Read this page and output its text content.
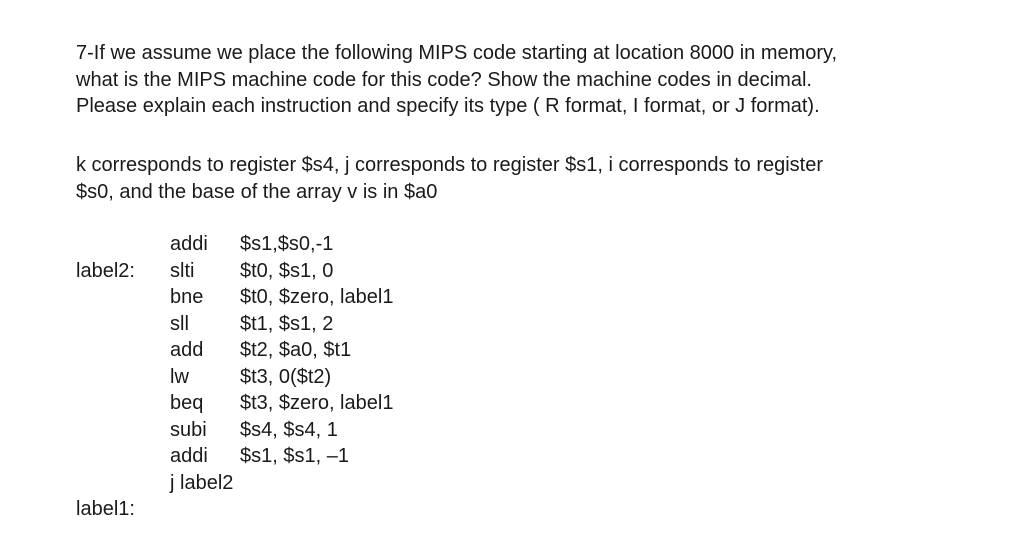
7-If we assume we place the following MIPS code starting at location 8000 in memory,
what is the MIPS machine code for this code? Show the machine codes in decimal.
Please explain each instruction and specify its type ( R format, I format, or J format).

k corresponds to register $s4, j corresponds to register $s1, i corresponds to register
$s0, and the base of the array v is in $a0

addi $s1,$s0,-1
label2: slti $t0, $s1, 0
bne $t0, $zero, label1
sll	$t1, $s1, 2
add $t2, $a0, $t1
lw	$t3, 0($t2)
beq $t3, $zero, label1
subi $s4, $s4, 1
addi $s1, $s1, –1
j label2
label1:
